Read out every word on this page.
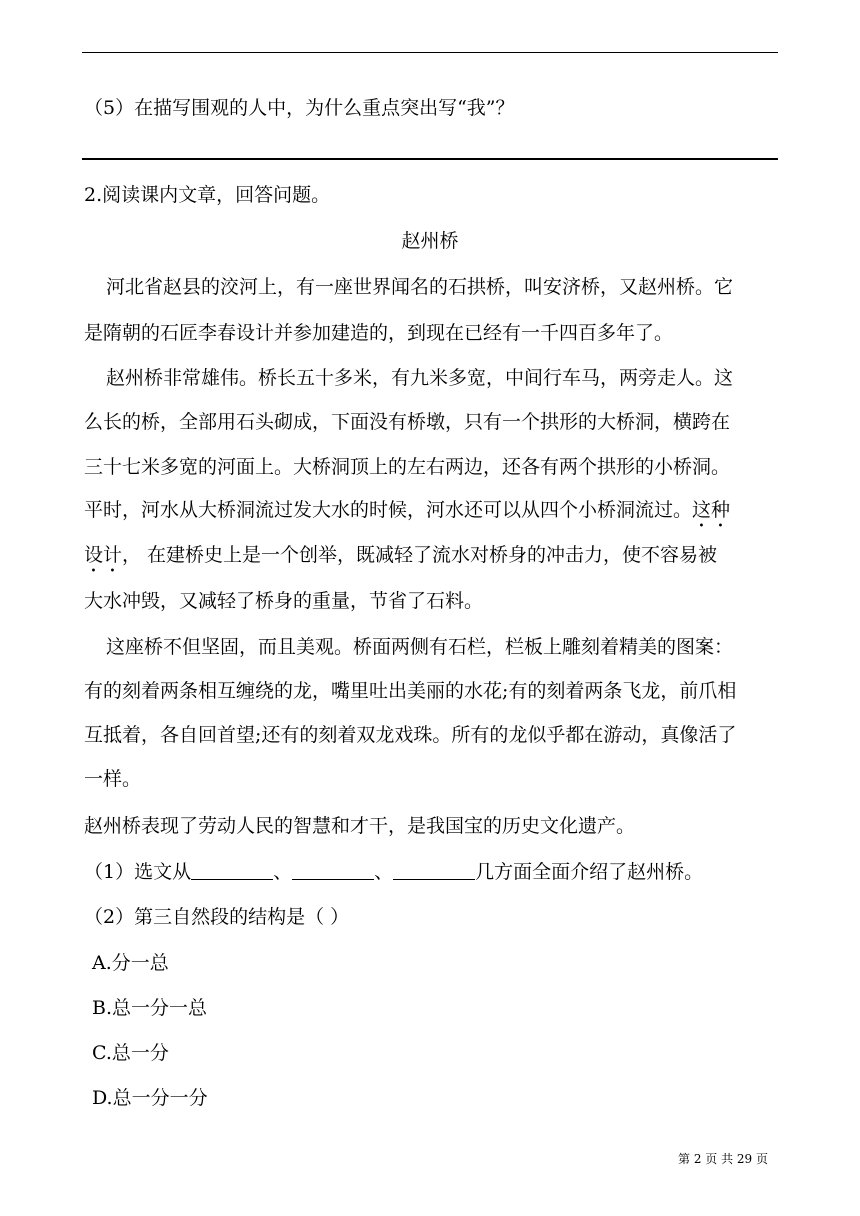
（5）在描写围观的人中，为什么重点突出写“我”？
2.阅读课内文章，回答问题。
赵州桥
河北省赵县的洨河上，有一座世界闻名的石拱桥，叫安济桥，又赵州桥。它
是隋朝的石匠李春设计并参加建造的，到现在已经有一千四百多年了。
赵州桥非常雄伟。桥长五十多米，有九米多宽，中间行车马，两旁走人。这
么长的桥，全部用石头砌成，下面没有桥墩，只有一个拱形的大桥洞，横跨在
三十七米多宽的河面上。大桥洞顶上的左右两边，还各有两个拱形的小桥洞。
平时，河水从大桥洞流过发大水的时候，河水还可以从四个小桥洞流过。这种
设计， 在建桥史上是一个创举，既减轻了流水对桥身的冲击力，使不容易被
大水冲毁，又减轻了桥身的重量，节省了石料。
这座桥不但坚固，而且美观。桥面两侧有石栏，栏板上雕刻着精美的图案：
有的刻着两条相互缠绕的龙，嘴里吐出美丽的水花;有的刻着两条飞龙，前爪相
互抵着，各自回首望;还有的刻着双龙戏珠。所有的龙似乎都在游动，真像活了
一样。
赵州桥表现了劳动人民的智慧和才干，是我国宝的历史文化遗产。
（1）选文从	、	、	几方面全面介绍了赵州桥。
（2）第三自然段的结构是（ ）
A.分一总
B.总一分一总
C.总一分
D.总一分一分
第 2 页 共 29 页
